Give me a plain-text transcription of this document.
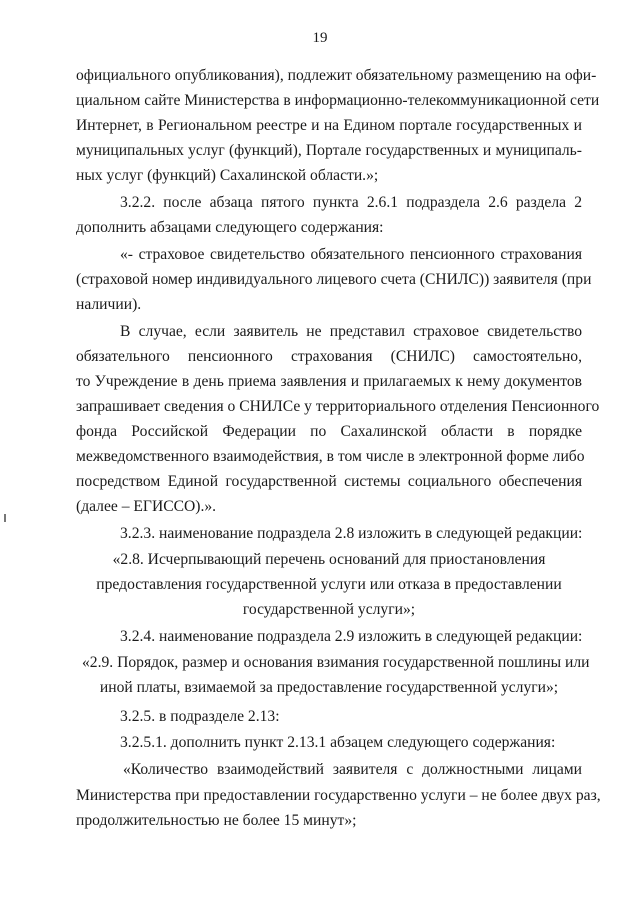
19
официального опубликования), подлежит обязательному размещению на офи-
циальном сайте Министерства в информационно-телекоммуникационной сети
Интернет, в Региональном реестре и на Едином портале государственных и
муниципальных услуг (функций), Портале государственных и муниципаль-
ных услуг (функций) Сахалинской области.»;
3.2.2. после абзаца пятого пункта 2.6.1 подраздела 2.6 раздела 2
дополнить абзацами следующего содержания:
«- страховое свидетельство обязательного пенсионного страхования
(страховой номер индивидуального лицевого счета (СНИЛС)) заявителя (при
наличии).
В случае, если заявитель не представил страховое свидетельство
обязательного пенсионного страхования (СНИЛС) самостоятельно,
то Учреждение в день приема заявления и прилагаемых к нему документов
запрашивает сведения о СНИЛСе у территориального отделения Пенсионного
фонда Российской Федерации по Сахалинской области в порядке
межведомственного взаимодействия, в том числе в электронной форме либо
посредством Единой государственной системы социального обеспечения
(далее – ЕГИССО).».
3.2.3. наименование подраздела 2.8 изложить в следующей редакции:
«2.8. Исчерпывающий перечень оснований для приостановления
предоставления государственной услуги или отказа в предоставлении
государственной услуги»;
3.2.4. наименование подраздела 2.9 изложить в следующей редакции:
«2.9. Порядок, размер и основания взимания государственной пошлины или
иной платы, взимаемой за предоставление государственной услуги»;
3.2.5. в подразделе 2.13:
3.2.5.1. дополнить пункт 2.13.1 абзацем следующего содержания:
«Количество взаимодействий заявителя с должностными лицами
Министерства при предоставлении государственно услуги – не более двух раз,
продолжительностью не более 15 минут»;
